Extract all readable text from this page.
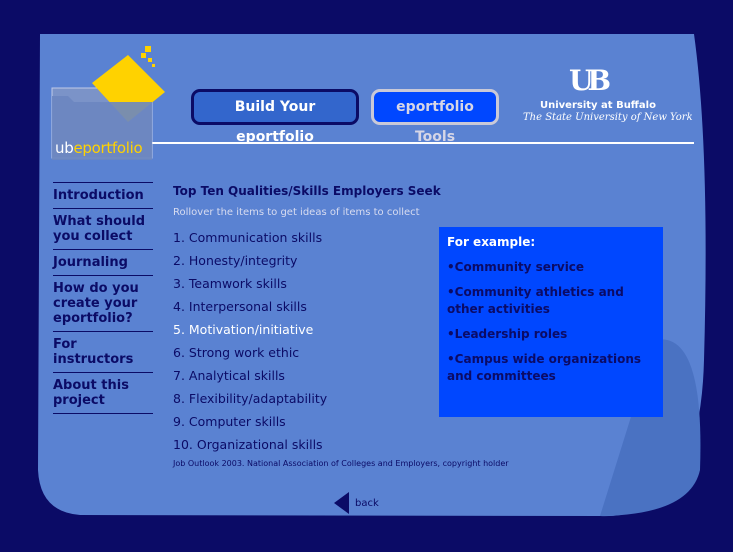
ubeportfolio
Build Your eportfolio
eportfolio Tools
UB
University at Buffalo
The State University of New York
Introduction
What should you collect
Journaling
How do you create your eportfolio?
For instructors
About this project
Top Ten Qualities/Skills Employers Seek
Rollover the items to get ideas of items to collect
1. Communication skills
2. Honesty/integrity
3. Teamwork skills
4. Interpersonal skills
5. Motivation/initiative
6. Strong work ethic
7. Analytical skills
8. Flexibility/adaptability
9. Computer skills
10. Organizational skills
Job Outlook 2003. National Association of Colleges and Employers, copyright holder
For example:
•Community service
•Community athletics and other activities
•Leadership roles
•Campus wide organizations and committees
back
